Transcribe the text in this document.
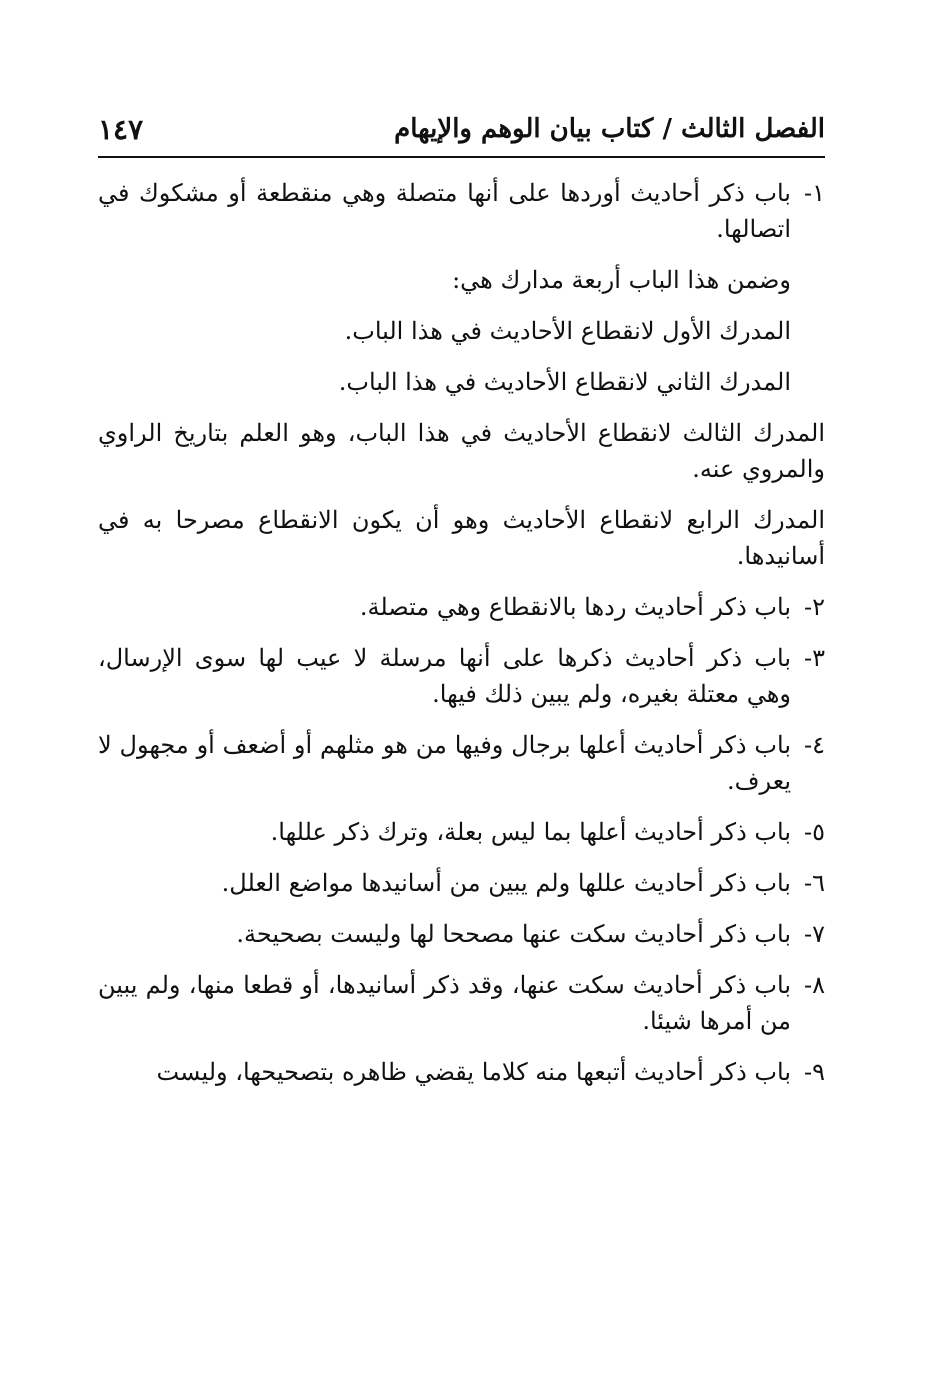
الفصل الثالث / كتاب بيان الوهم والإيهام
١٤٧
١-
باب ذكر أحاديث أوردها على أنها متصلة وهي منقطعة أو مشكوك في اتصالها.
وضمن هذا الباب أربعة مدارك هي:
المدرك الأول لانقطاع الأحاديث في هذا الباب.
المدرك الثاني لانقطاع الأحاديث في هذا الباب.
المدرك الثالث لانقطاع الأحاديث في هذا الباب، وهو العلم بتاريخ الراوي والمروي عنه.
المدرك الرابع لانقطاع الأحاديث وهو أن يكون الانقطاع مصرحا به في أسانيدها.
٢-
باب ذكر أحاديث ردها بالانقطاع وهي متصلة.
٣-
باب ذكر أحاديث ذكرها على أنها مرسلة لا عيب لها سوى الإرسال، وهي معتلة بغيره، ولم يبين ذلك فيها.
٤-
باب ذكر أحاديث أعلها برجال وفيها من هو مثلهم أو أضعف أو مجهول لا يعرف.
٥-
باب ذكر أحاديث أعلها بما ليس بعلة، وترك ذكر عللها.
٦-
باب ذكر أحاديث عللها ولم يبين من أسانيدها مواضع العلل.
٧-
باب ذكر أحاديث سكت عنها مصححا لها وليست بصحيحة.
٨-
باب ذكر أحاديث سكت عنها، وقد ذكر أسانيدها، أو قطعا منها، ولم يبين من أمرها شيئا.
٩-
باب ذكر أحاديث أتبعها منه كلاما يقضي ظاهره بتصحيحها، وليست
